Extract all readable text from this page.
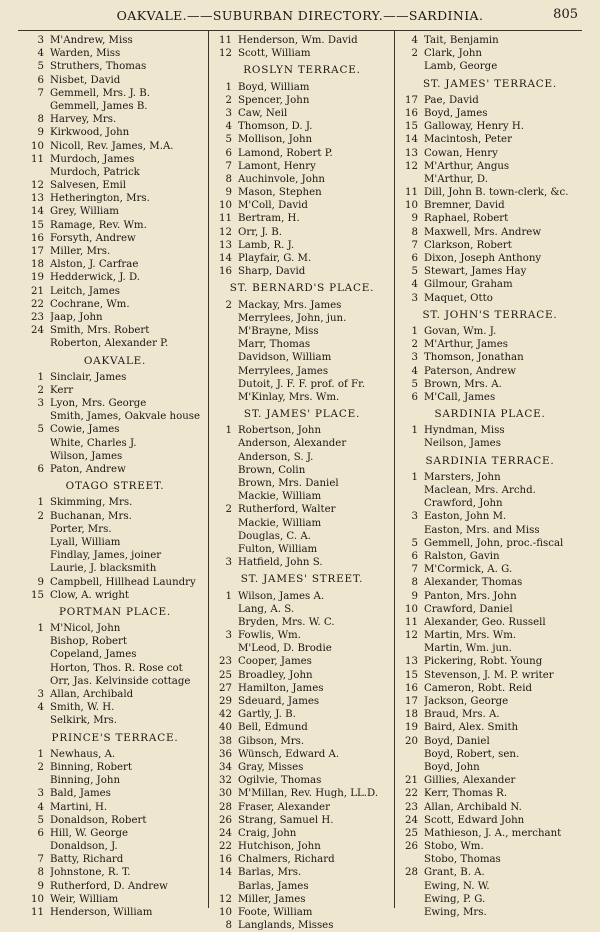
OAKVALE.——SUBURBAN DIRECTORY.——SARDINIA.	805
3 M'Andrew, Miss
4 Warden, Miss
5 Struthers, Thomas
6 Nisbet, David
7 Gemmell, Mrs. J. B.
Gemmell, James B.
8 Harvey, Mrs.
9 Kirkwood, John
10 Nicoll, Rev. James, M.A.
11 Murdoch, James
Murdoch, Patrick
12 Salvesen, Emil
13 Hetherington, Mrs.
14 Grey, William
15 Ramage, Rev. Wm.
16 Forsyth, Andrew
17 Miller, Mrs.
18 Alston, J. Carfrae
19 Hedderwick, J. D.
21 Leitch, James
22 Cochrane, Wm.
23 Jaap, John
24 Smith, Mrs. Robert
Roberton, Alexander P.
OAKVALE.
1 Sinclair, James
2 Kerr
3 Lyon, Mrs. George
Smith, James, Oakvale house
5 Cowie, James
White, Charles J.
Wilson, James
6 Paton, Andrew
OTAGO STREET.
1 Skimming, Mrs.
2 Buchanan, Mrs.
Porter, Mrs.
Lyall, William
Findlay, James, joiner
Laurie, J. blacksmith
9 Campbell, Hillhead Laundry
15 Clow, A. wright
PORTMAN PLACE.
1 M'Nicol, John
Bishop, Robert
Copeland, James
Horton, Thos. R. Rose cot
Orr, Jas. Kelvinside cottage
3 Allan, Archibald
4 Smith, W. H.
Selkirk, Mrs.
PRINCE'S TERRACE.
1 Newhaus, A.
2 Binning, Robert
Binning, John
3 Bald, James
4 Martini, H.
5 Donaldson, Robert
6 Hill, W. George
Donaldson, J.
7 Batty, Richard
8 Johnstone, R. T.
9 Rutherford, D. Andrew
10 Weir, William
11 Henderson, William
11 Henderson, Wm. David
12 Scott, William
ROSLYN TERRACE.
1 Boyd, William
2 Spencer, John
3 Caw, Neil
4 Thomson, D. J.
5 Mollison, John
6 Lamond, Robert P.
7 Lamont, Henry
8 Auchinvole, John
9 Mason, Stephen
10 M'Coll, David
11 Bertram, H.
12 Orr, J. B.
13 Lamb, R. J.
14 Playfair, G. M.
16 Sharp, David
ST. BERNARD'S PLACE.
2 Mackay, Mrs. James
Merrylees, John, jun.
M'Brayne, Miss
Marr, Thomas
Davidson, William
Merrylees, James
Dutoit, J. F. F. prof. of Fr.
M'Kinlay, Mrs. Wm.
ST. JAMES' PLACE.
1 Robertson, John
Anderson, Alexander
Anderson, S. J.
Brown, Colin
Brown, Mrs. Daniel
Mackie, William
2 Rutherford, Walter
Mackie, William
Douglas, C. A.
Fulton, William
3 Hatfield, John S.
ST. JAMES' STREET.
1 Wilson, James A.
Lang, A. S.
Bryden, Mrs. W. C.
3 Fowlis, Wm.
M'Leod, D. Brodie
23 Cooper, James
25 Broadley, John
27 Hamilton, James
29 Sdeuard, James
42 Gartly, J. B.
40 Bell, Edmund
38 Gibson, Mrs.
36 Wünsch, Edward A.
34 Gray, Misses
32 Ogilvie, Thomas
30 M'Millan, Rev. Hugh, LL.D.
28 Fraser, Alexander
26 Strang, Samuel H.
24 Craig, John
22 Hutchison, John
16 Chalmers, Richard
14 Barlas, Mrs.
Barlas, James
12 Miller, James
10 Foote, William
8 Langlands, Misses
4 Tait, Benjamin
2 Clark, John
Lamb, George
ST. JAMES' TERRACE.
17 Pae, David
16 Boyd, James
15 Galloway, Henry H.
14 Macintosh, Peter
13 Cowan, Henry
12 M'Arthur, Angus
M'Arthur, D.
11 Dill, John B. town-clerk, &c.
10 Bremner, David
9 Raphael, Robert
8 Maxwell, Mrs. Andrew
7 Clarkson, Robert
6 Dixon, Joseph Anthony
5 Stewart, James Hay
4 Gilmour, Graham
3 Maquet, Otto
ST. JOHN'S TERRACE.
1 Govan, Wm. J.
2 M'Arthur, James
3 Thomson, Jonathan
4 Paterson, Andrew
5 Brown, Mrs. A.
6 M'Call, James
SARDINIA PLACE.
1 Hyndman, Miss
Neilson, James
SARDINIA TERRACE.
1 Marsters, John
Maclean, Mrs. Archd.
Crawford, John
3 Easton, John M.
Easton, Mrs. and Miss
5 Gemmell, John, proc.-fiscal
6 Ralston, Gavin
7 M'Cormick, A. G.
8 Alexander, Thomas
9 Panton, Mrs. John
10 Crawford, Daniel
11 Alexander, Geo. Russell
12 Martin, Mrs. Wm.
Martin, Wm. jun.
13 Pickering, Robt. Young
15 Stevenson, J. M. P. writer
16 Cameron, Robt. Reid
17 Jackson, George
18 Braud, Mrs. A.
19 Baird, Alex. Smith
20 Boyd, Daniel
Boyd, Robert, sen.
Boyd, John
21 Gillies, Alexander
22 Kerr, Thomas R.
23 Allan, Archibald N.
24 Scott, Edward John
25 Mathieson, J. A., merchant
26 Stobo, Wm.
Stobo, Thomas
28 Grant, B. A.
Ewing, N. W.
Ewing, P. G.
Ewing, Mrs.
